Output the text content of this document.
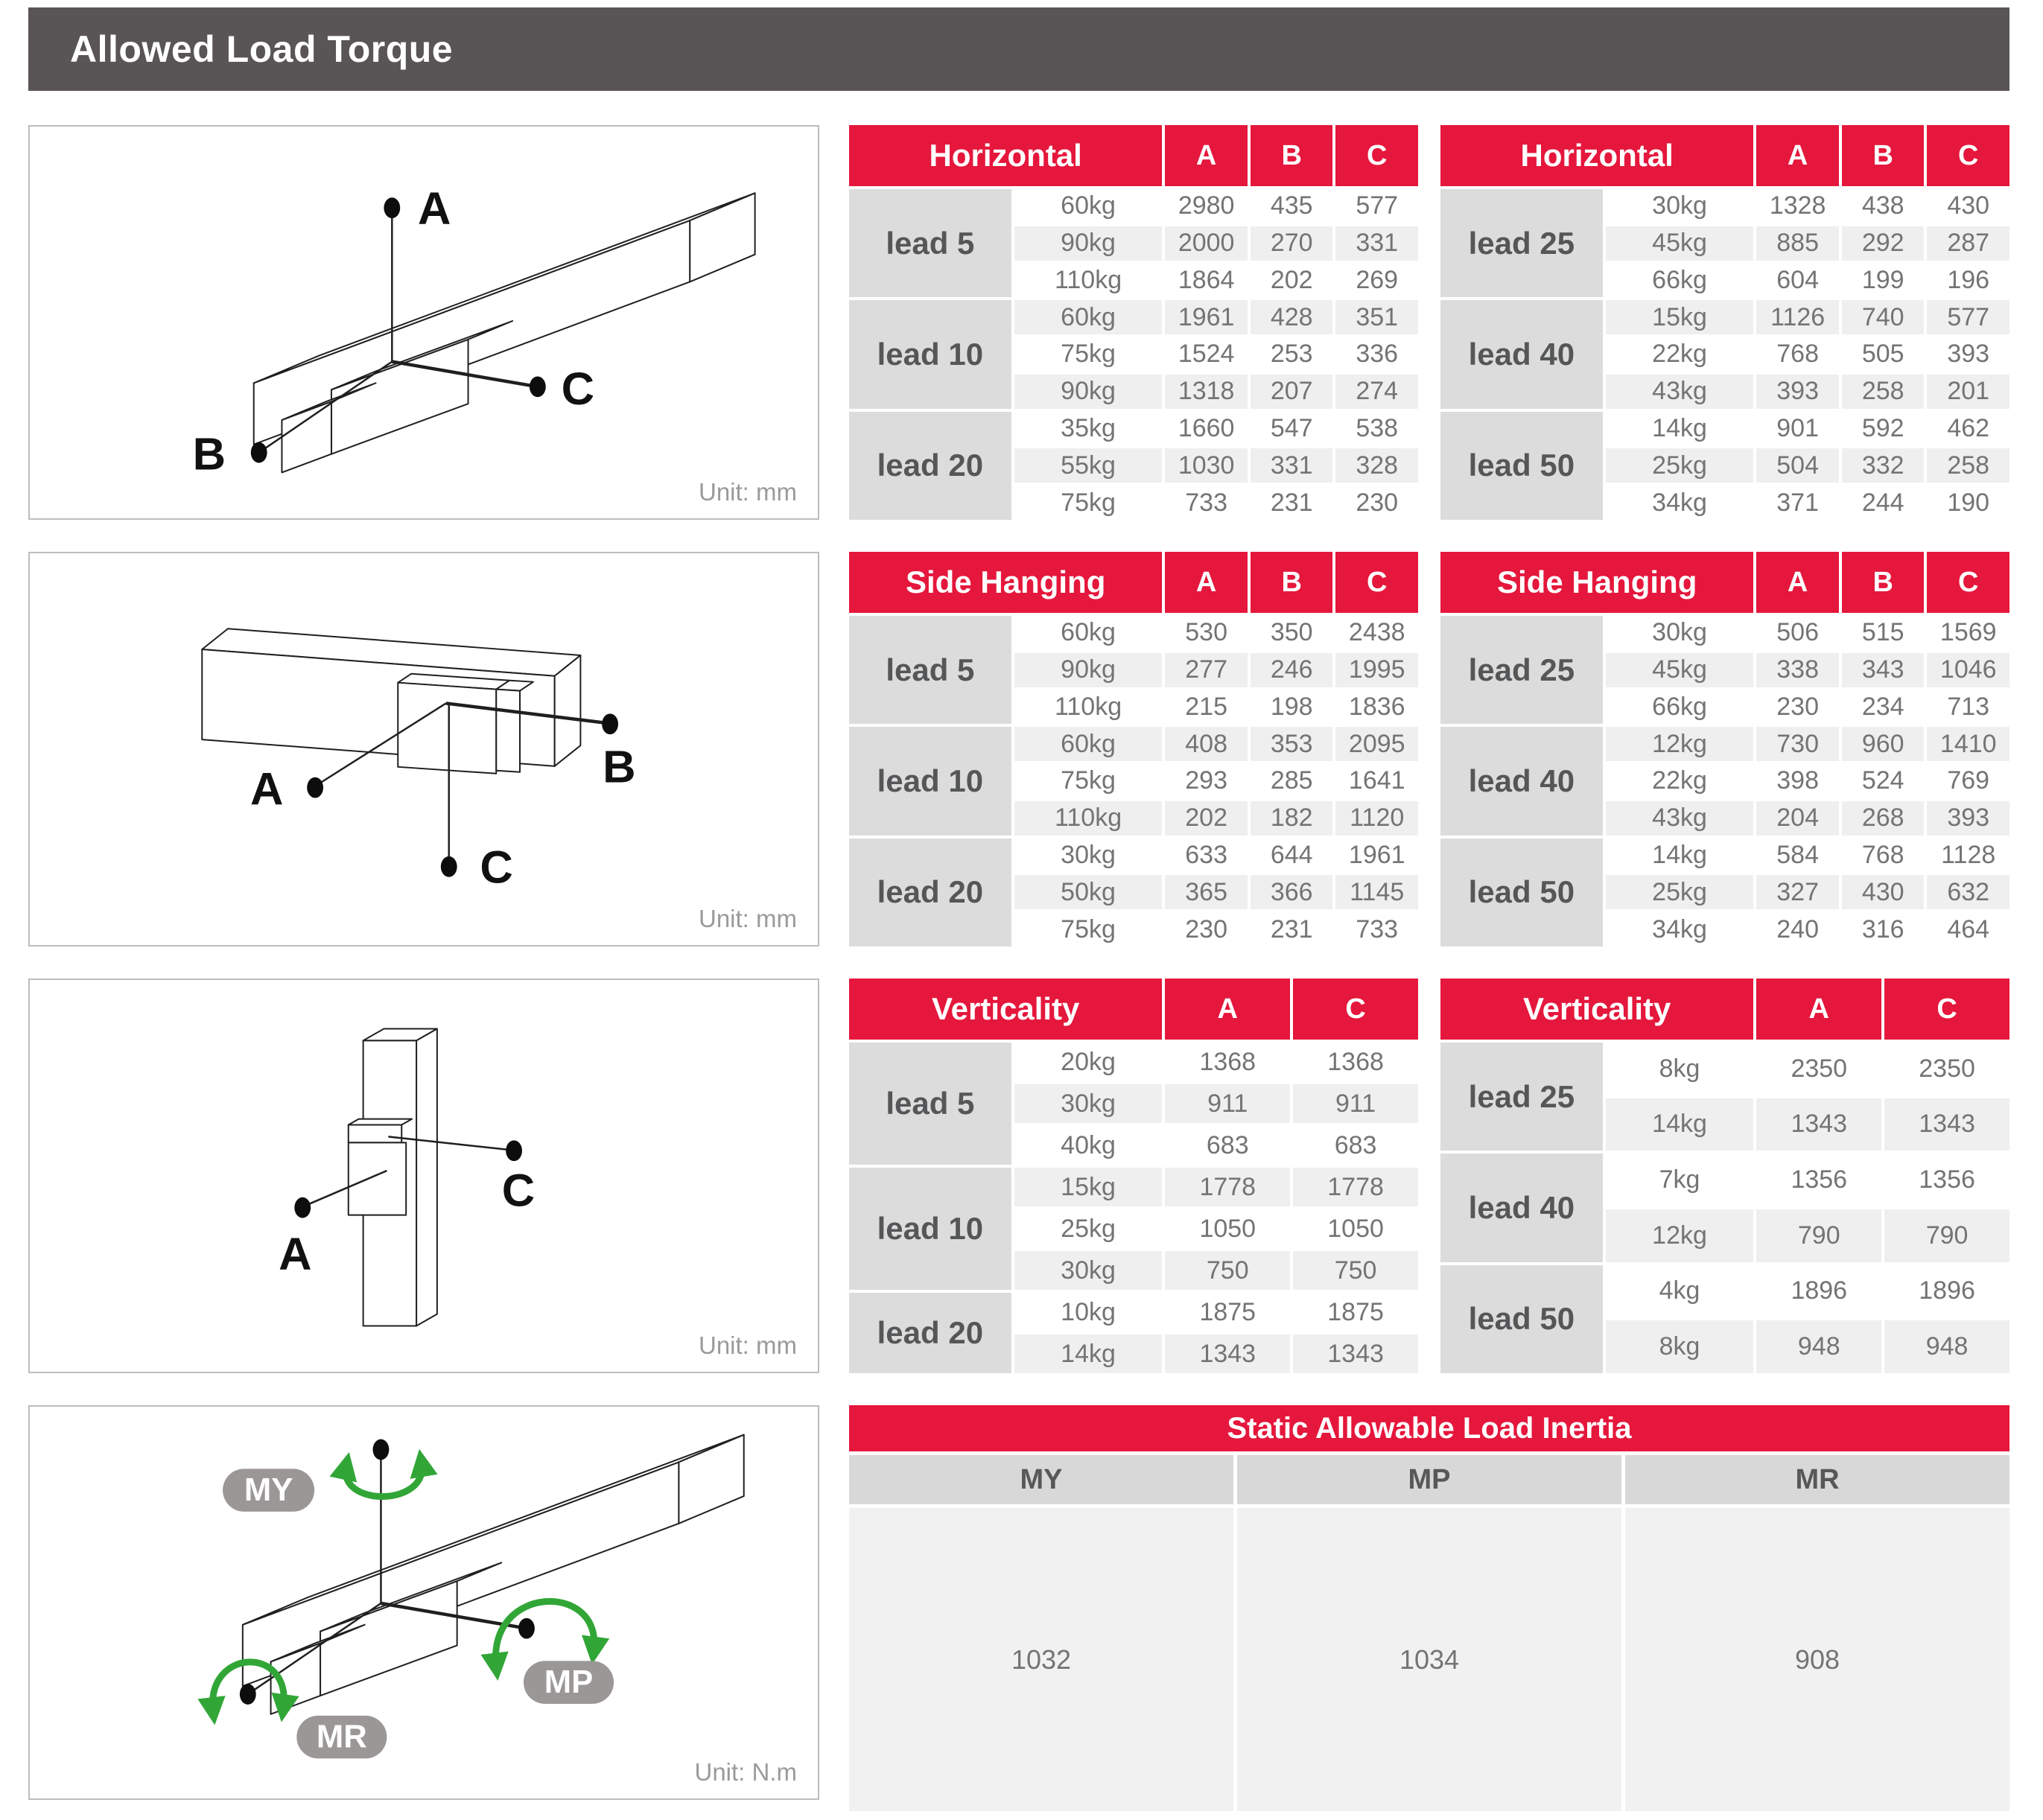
Allowed Load Torque
A
B
C
Unit: mm
A	B
C
Unit: mm
A
C
Unit: mm
MY
MP
MR
Unit: N.m
Horizontal	A	B	C
lead 5
60kg	2980	435	577
90kg	2000	270	331
110kg	1864	202	269
lead 10
60kg	1961	428	351
75kg	1524	253	336
90kg	1318	207	274
lead 20
35kg	1660	547	538
55kg	1030	331	328
75kg	733	231	230
Horizontal	A	B	C
lead 25
30kg	1328	438	430
45kg	885	292	287
66kg	604	199	196
lead 40
15kg	1126	740	577
22kg	768	505	393
43kg	393	258	201
lead 50
14kg	901	592	462
25kg	504	332	258
34kg	371	244	190
Side Hanging	A	B	C
lead 5
60kg	530	350	2438
90kg	277	246	1995
110kg	215	198	1836
lead 10
60kg	408	353	2095
75kg	293	285	1641
110kg	202	182	1120
lead 20
30kg	633	644	1961
50kg	365	366	1145
75kg	230	231	733
Side Hanging	A	B	C
lead 25
30kg	506	515	1569
45kg	338	343	1046
66kg	230	234	713
lead 40
12kg	730	960	1410
22kg	398	524	769
43kg	204	268	393
lead 50
14kg	584	768	1128
25kg	327	430	632
34kg	240	316	464
Verticality	A	C
lead 5
20kg	1368	1368
30kg	911	911
40kg	683	683
lead 10
15kg	1778	1778
25kg	1050	1050
30kg	750	750
lead 20
10kg	1875	1875
14kg	1343	1343
Verticality	A	C
lead 25
8kg	2350	2350
14kg	1343	1343
lead 40
7kg	1356	1356
12kg	790	790
lead 50
4kg	1896	1896
8kg	948	948
Static Allowable Load Inertia
MY	MP	MR
1032	1034	908
